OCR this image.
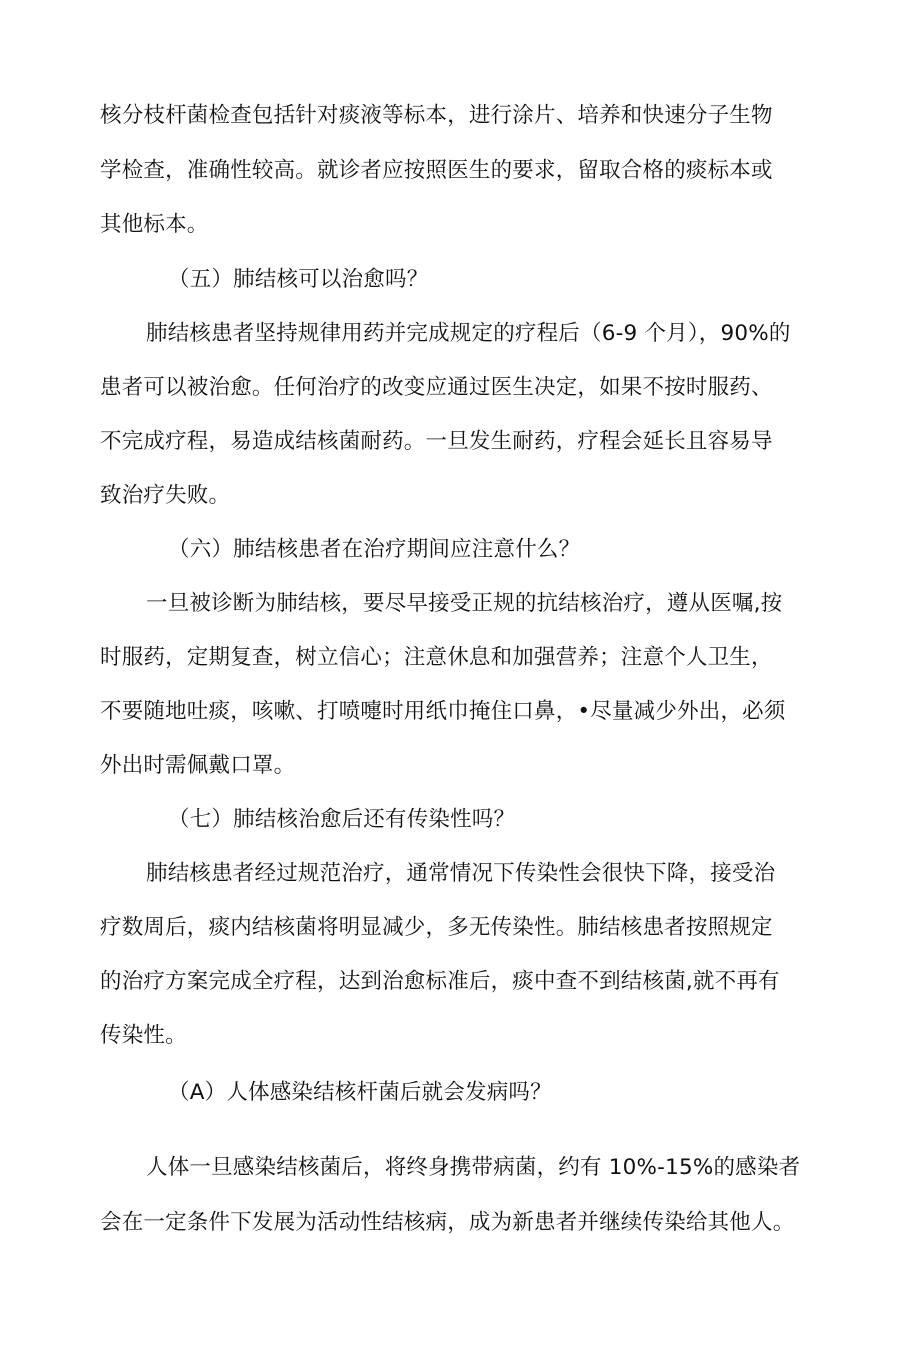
核分枝杆菌检查包括针对痰液等标本，进行涂片、培养和快速分子生物
学检查，准确性较高。就诊者应按照医生的要求，留取合格的痰标本或
其他标本。
（五）肺结核可以治愈吗？
肺结核患者坚持规律用药并完成规定的疗程后（6-9 个月），90%的
患者可以被治愈。任何治疗的改变应通过医生决定，如果不按时服药、
不完成疗程，易造成结核菌耐药。一旦发生耐药，疗程会延长且容易导
致治疗失败。
（六）肺结核患者在治疗期间应注意什么？
一旦被诊断为肺结核，要尽早接受正规的抗结核治疗，遵从医嘱,按
时服药，定期复查，树立信心；注意休息和加强营养；注意个人卫生，
不要随地吐痰，咳嗽、打喷嚏时用纸巾掩住口鼻，•尽量减少外出，必须
外出时需佩戴口罩。
（七）肺结核治愈后还有传染性吗？
肺结核患者经过规范治疗，通常情况下传染性会很快下降，接受治
疗数周后，痰内结核菌将明显减少，多无传染性。肺结核患者按照规定
的治疗方案完成全疗程，达到治愈标准后，痰中查不到结核菌,就不再有
传染性。
（A）人体感染结核杆菌后就会发病吗？
人体一旦感染结核菌后，将终身携带病菌，约有 10%-15%的感染者
会在一定条件下发展为活动性结核病，成为新患者并继续传染给其他人。
